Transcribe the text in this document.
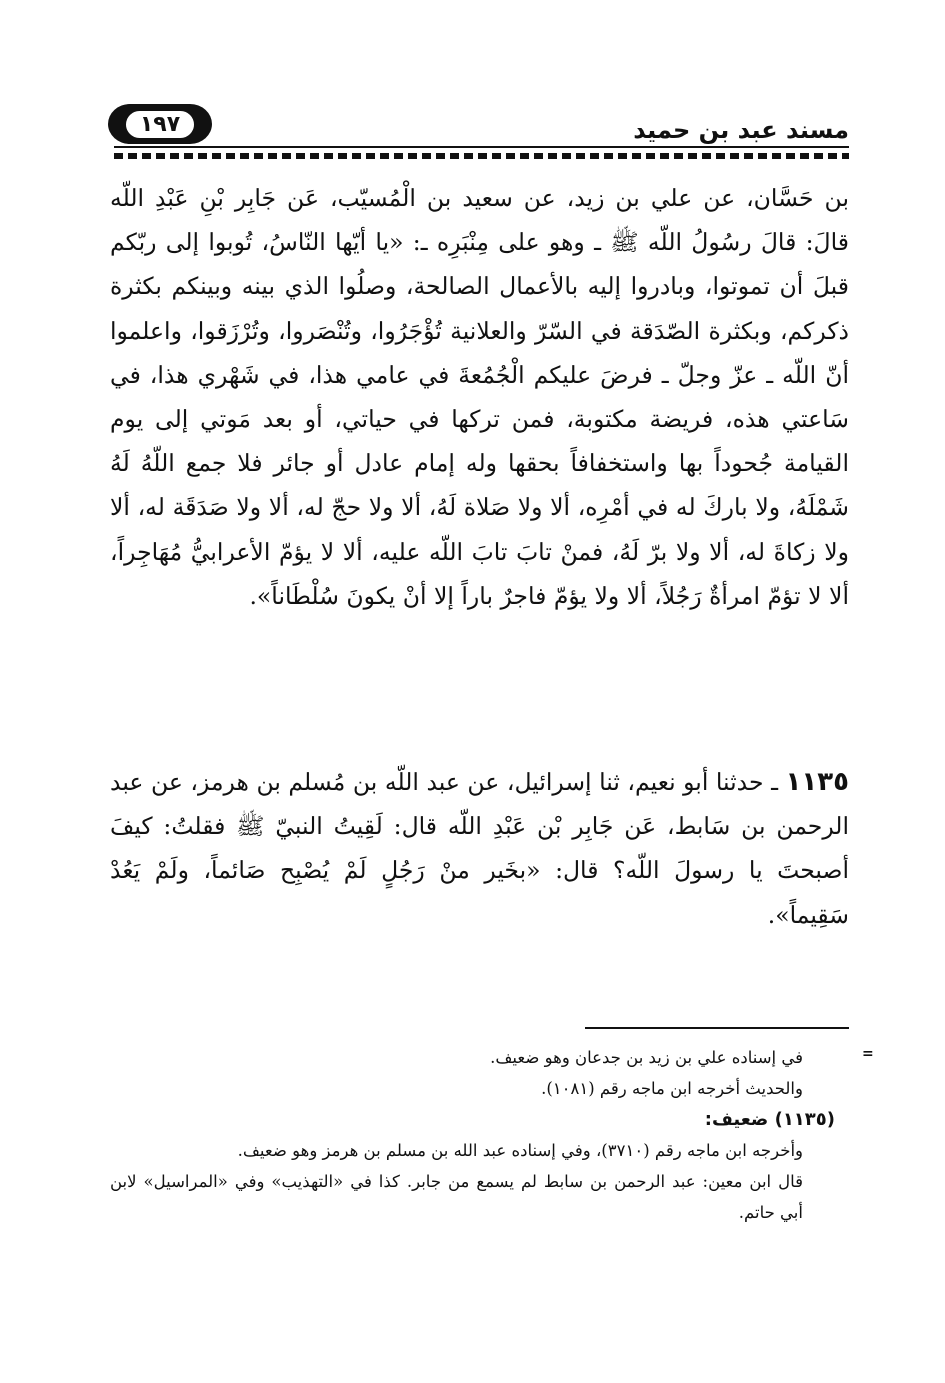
مسند عبد بن حميد
١٩٧
بن حَسَّان، عن علي بن زيد، عن سعيد بن الْمُسيّب، عَن جَابِر بْنِ عَبْدِ اللّه قالَ: قالَ رسُولُ اللّه ﷺ ـ وهو على مِنْبَرِه ـ: «يا أيّها النّاسُ، تُوبوا إلى ربّكم قبلَ أن تموتوا، وبادروا إليه بالأعمال الصالحة، وصلُوا الذي بينه وبينكم بكثرة ذكركم، وبكثرة الصّدَقة في السّرّ والعلانية تُؤْجَرُوا، وتُنْصَروا، وتُرْزَقوا، واعلموا أنّ اللّه ـ عزّ وجلّ ـ فرضَ عليكم الْجُمُعةَ في عامي هذا، في شَهْري هذا، في سَاعتي هذه، فريضة مكتوبة، فمن تركها في حياتي، أو بعد مَوتي إلى يوم القيامة جُحوداً بها واستخفافاً بحقها وله إمام عادل أو جائر فلا جمع اللّهُ لَهُ شَمْلَهُ، ولا باركَ له في أمْرِه، ألا ولا صَلاة لَهُ، ألا ولا حجّ له، ألا ولا صَدَقَة له، ألا ولا زكاةَ له، ألا ولا برّ لَهُ، فمنْ تابَ تابَ اللّه عليه، ألا لا يؤمّ الأعرابيُّ مُهَاجِراً، ألا لا تؤمّ امرأةٌ رَجُلاً، ألا ولا يؤمّ فاجرٌ باراً إلا أنْ يكونَ سُلْطَاناً».
١١٣٥ ـ حدثنا أبو نعيم، ثنا إسرائيل، عن عبد اللّه بن مُسلم بن هرمز، عن عبد الرحمن بن سَابط، عَن جَابِر بْن عَبْدِ اللّه قال: لَقِيتُ النبيّ ﷺ فقلتُ: كيفَ أصبحتَ يا رسولَ اللّه؟ قال: «بخَير منْ رَجُلٍ لَمْ يُصْبِح صَائماً، ولَمْ يَعُدْ سَقِيماً».
=
في إسناده علي بن زيد بن جدعان وهو ضعيف.
والحديث أخرجه ابن ماجه رقم (١٠٨١).
(١١٣٥) ضعيف:
وأخرجه ابن ماجه رقم (٣٧١٠)، وفي إسناده عبد الله بن مسلم بن هرمز وهو ضعيف.
قال ابن معين: عبد الرحمن بن سابط لم يسمع من جابر. كذا في «التهذيب» وفي «المراسيل» لابن أبي حاتم.
